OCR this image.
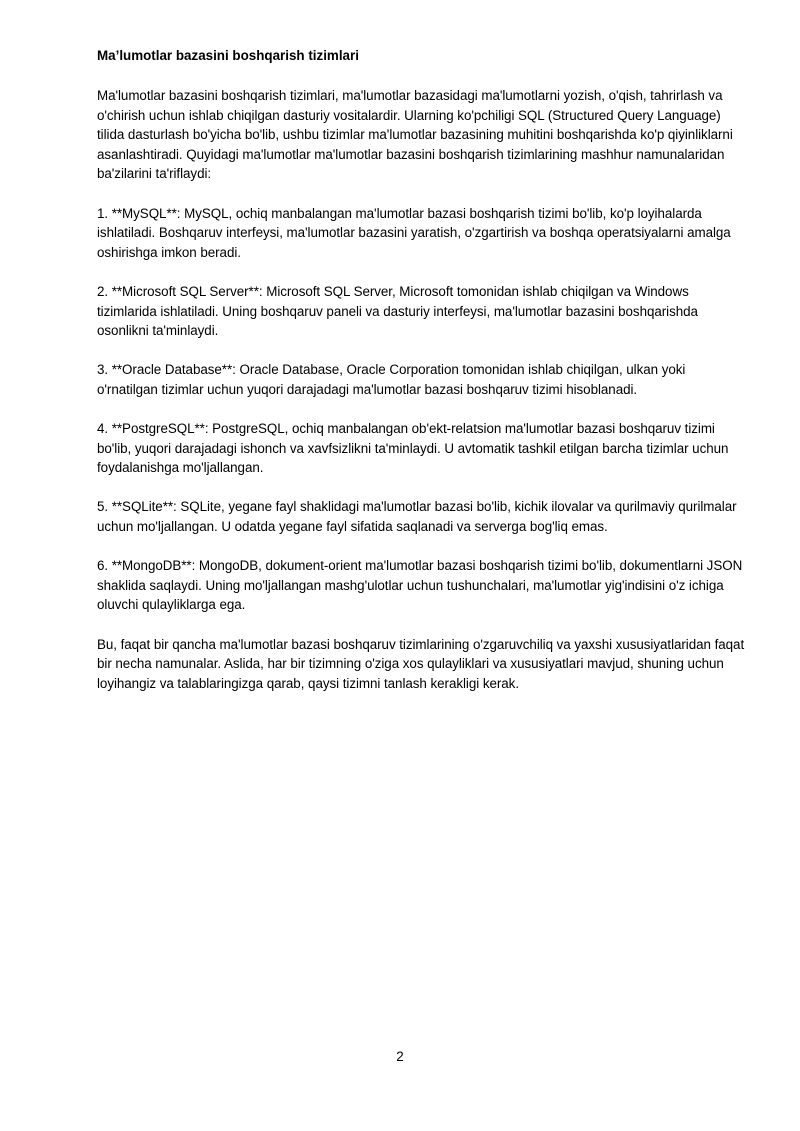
Ma’lumotlar bazasini boshqarish tizimlari

Ma'lumotlar bazasini boshqarish tizimlari, ma'lumotlar bazasidagi ma'lumotlarni yozish, o'qish, tahrirlash va o'chirish uchun ishlab chiqilgan dasturiy vositalardir. Ularning ko'pchiligi SQL (Structured Query Language) tilida dasturlash bo'yicha bo'lib, ushbu tizimlar ma'lumotlar bazasining muhitini boshqarishda ko'p qiyinliklarni asanlashtiradi. Quyidagi ma'lumotlar ma'lumotlar bazasini boshqarish tizimlarining mashhur namunalaridan ba'zilarini ta'riflaydi:

1. **MySQL**: MySQL, ochiq manbalangan ma'lumotlar bazasi boshqarish tizimi bo'lib, ko'p loyihalarda ishlatiladi. Boshqaruv interfeysi, ma'lumotlar bazasini yaratish, o'zgartirish va boshqa operatsiyalarni amalga oshirishga imkon beradi.

2. **Microsoft SQL Server**: Microsoft SQL Server, Microsoft tomonidan ishlab chiqilgan va Windows tizimlarida ishlatiladi. Uning boshqaruv paneli va dasturiy interfeysi, ma'lumotlar bazasini boshqarishda osonlikni ta'minlaydi.

3. **Oracle Database**: Oracle Database, Oracle Corporation tomonidan ishlab chiqilgan, ulkan yoki o'rnatilgan tizimlar uchun yuqori darajadagi ma'lumotlar bazasi boshqaruv tizimi hisoblanadi.

4. **PostgreSQL**: PostgreSQL, ochiq manbalangan ob'ekt-relatsion ma'lumotlar bazasi boshqaruv tizimi bo'lib, yuqori darajadagi ishonch va xavfsizlikni ta'minlaydi. U avtomatik tashkil etilgan barcha tizimlar uchun foydalanishga mo'ljallangan.

5. **SQLite**: SQLite, yegane fayl shaklidagi ma'lumotlar bazasi bo'lib, kichik ilovalar va qurilmaviy qurilmalar uchun mo'ljallangan. U odatda yegane fayl sifatida saqlanadi va serverga bog'liq emas.

6. **MongoDB**: MongoDB, dokument-orient ma'lumotlar bazasi boshqarish tizimi bo'lib, dokumentlarni JSON shaklida saqlaydi. Uning mo'ljallangan mashg'ulotlar uchun tushunchalari, ma'lumotlar yig'indisini o'z ichiga oluvchi qulayliklarga ega.

Bu, faqat bir qancha ma'lumotlar bazasi boshqaruv tizimlarining o'zgaruvchiliq va yaxshi xususiyatlaridan faqat bir necha namunalar. Aslida, har bir tizimning o'ziga xos qulayliklari va xususiyatlari mavjud, shuning uchun loyihangiz va talablaringizga qarab, qaysi tizimni tanlash kerakligi kerak.

2
